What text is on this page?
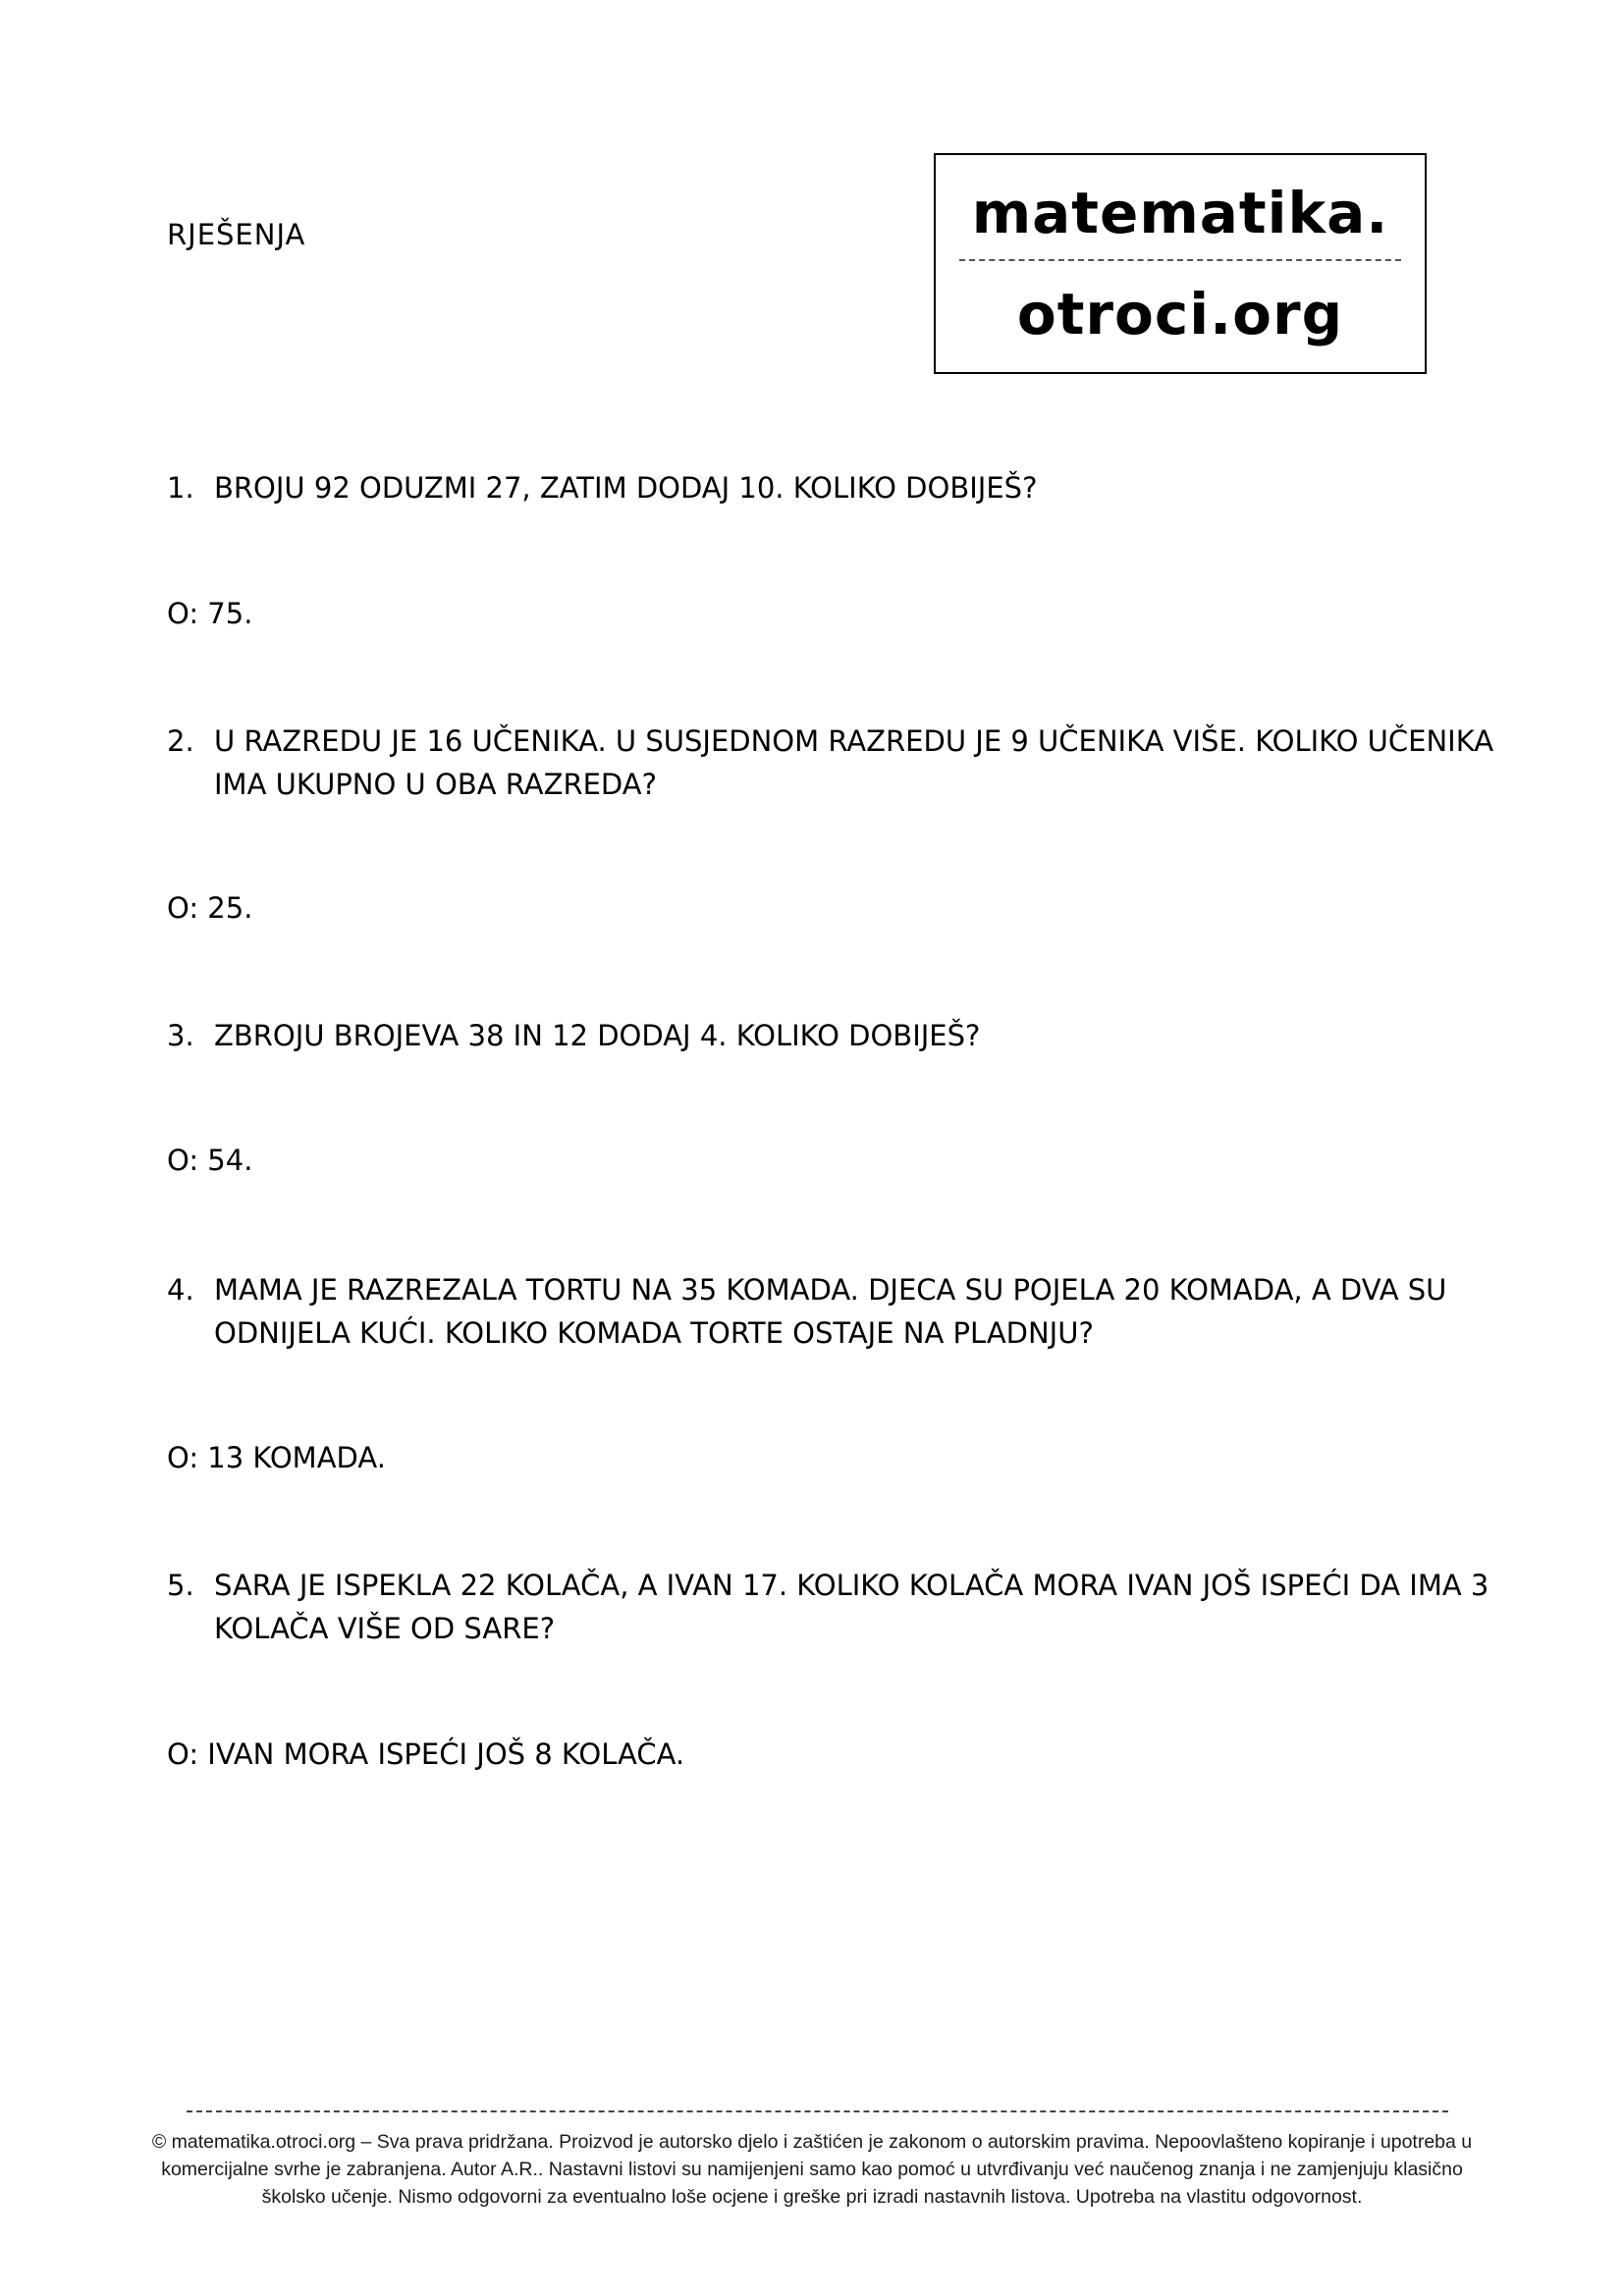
RJEŠENJA	matematika.
otroci.org
1. BROJU 92 ODUZMI 27, ZATIM DODAJ 10. KOLIKO DOBIJEŠ?
O: 75.
2. U RAZREDU JE 16 UČENIKA. U SUSJEDNOM RAZREDU JE 9 UČENIKA VIŠE. KOLIKO UČENIKA IMA UKUPNO U OBA RAZREDA?
O: 25.
3. ZBROJU BROJEVA 38 IN 12 DODAJ 4. KOLIKO DOBIJEŠ?
O: 54.
4. MAMA JE RAZREZALA TORTU NA 35 KOMADA. DJECA SU POJELA 20 KOMADA, A DVA SU ODNIJELA KUĆI. KOLIKO KOMADA TORTE OSTAJE NA PLADNJU?
O: 13 KOMADA.
5. SARA JE ISPEKLA 22 KOLAČA, A IVAN 17. KOLIKO KOLAČA MORA IVAN JOŠ ISPEĆI DA IMA 3 KOLAČA VIŠE OD SARE?
O: IVAN MORA ISPEĆI JOŠ 8 KOLAČA.
© matematika.otroci.org – Sva prava pridržana. Proizvod je autorsko djelo i zaštićen je zakonom o autorskim pravima. Nepoovlašteno kopiranje i upotreba u
komercijalne svrhe je zabranjena. Autor A.R.. Nastavni listovi su namijenjeni samo kao pomoć u utvrđivanju već naučenog znanja i ne zamjenjuju klasično
školsko učenje. Nismo odgovorni za eventualno loše ocjene i greške pri izradi nastavnih listova. Upotreba na vlastitu odgovornost.
